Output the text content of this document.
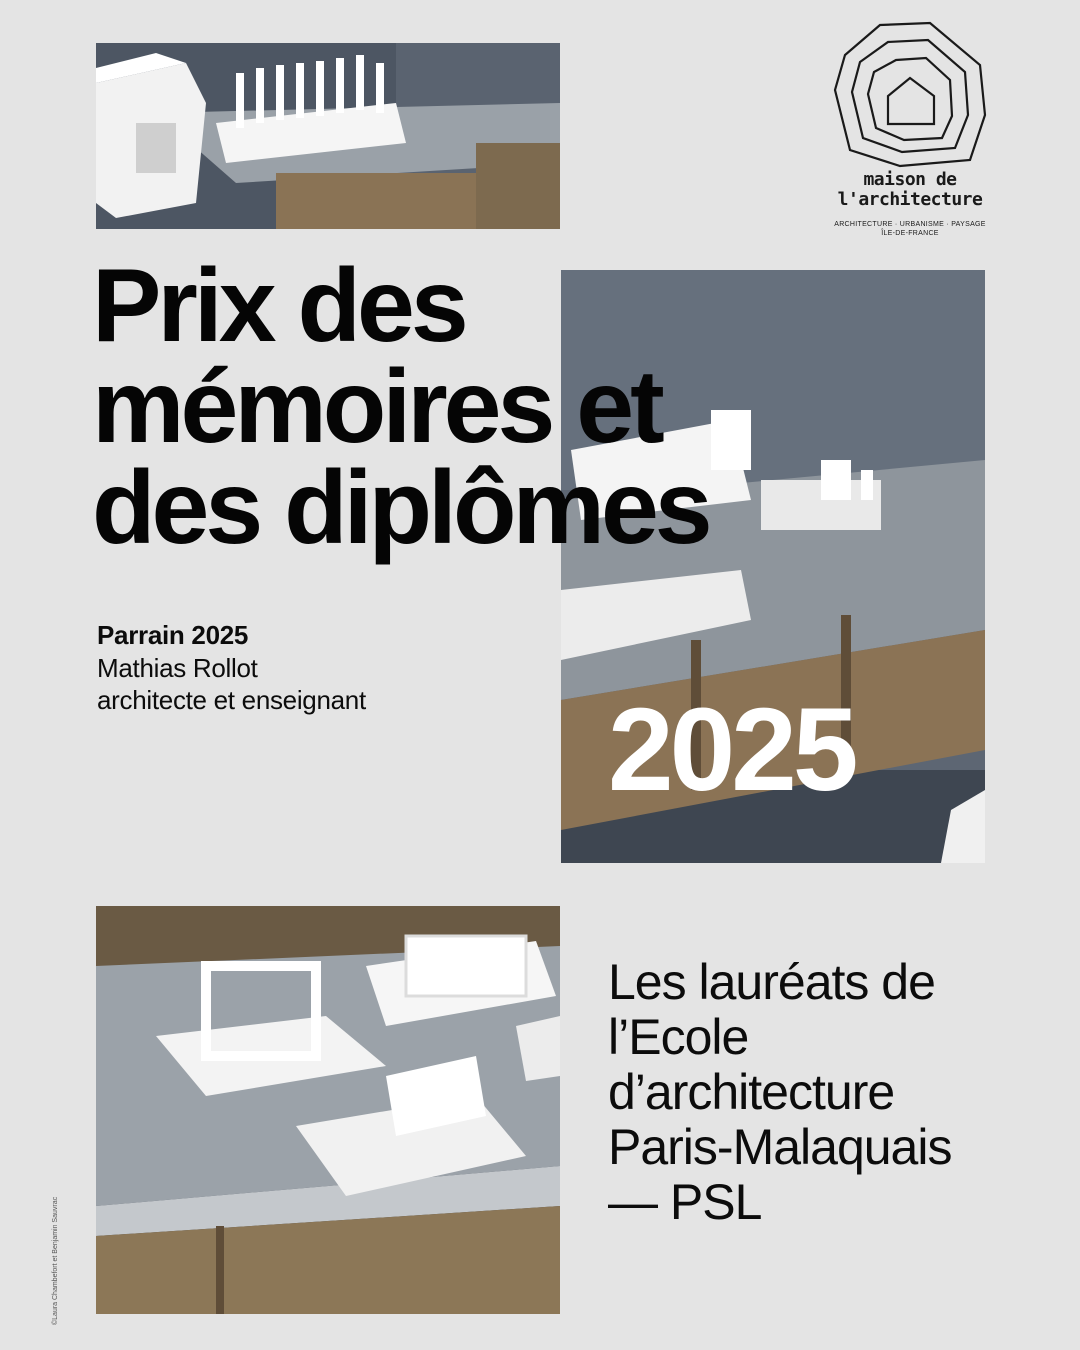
maison de
l'architecture
ARCHITECTURE · URBANISME · PAYSAGE
ÎLE-DE-FRANCE
Prix des
mémoires et
des diplômes
Parrain 2025
Mathias Rollot
architecte et enseignant	2025
Les lauréats de
l’Ecole
d’architecture
Paris-Malaquais
— PSL
©Laura Chambefort et Benjamin Sauvrac
